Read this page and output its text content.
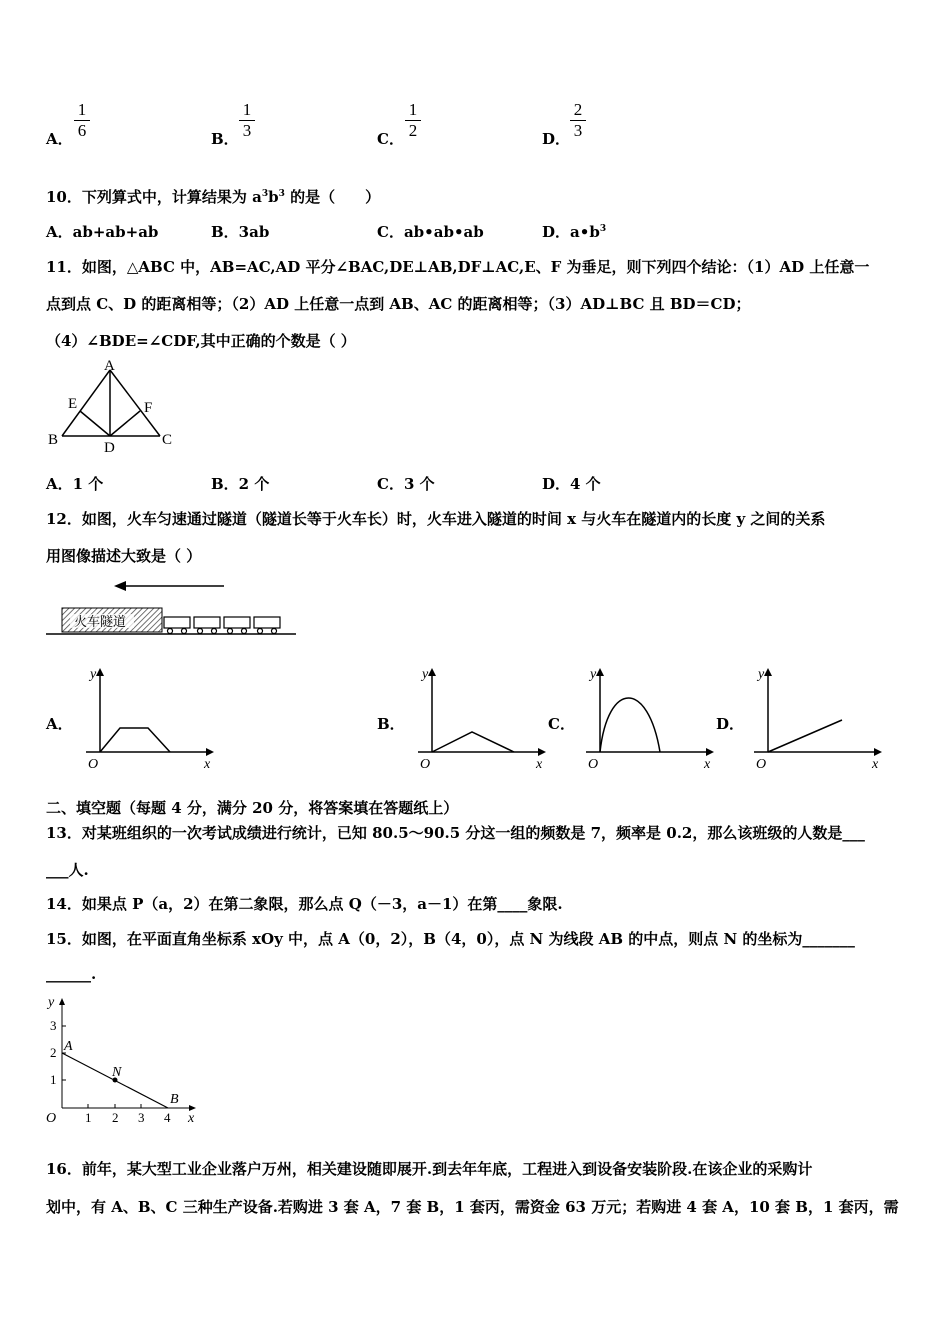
A．
1
6	B．
1
3	C．
1
2	D．
2
3
10．下列算式中，计算结果为 $a^3b^3$ 的是（　　）
A．ab+ab+ab	B．3ab	C．ab•ab•ab	D．$a•b^3$
11．如图，△ABC 中，AB=AC,AD 平分∠BAC,DE⊥AB,DF⊥AC,E、F 为垂足，则下列四个结论：（1）AD 上任意一
点到点 C、D 的距离相等；（2）AD 上任意一点到 AB、AC 的距离相等；（3）AD⊥BC 且 BD＝CD；
（4）∠BDE=∠CDF,其中正确的个数是（ ）
A
B	C
D
E	F
A．1 个	B．2 个	C．3 个	D．4 个
12．如图，火车匀速通过隧道（隧道长等于火车长）时，火车进入隧道的时间 x 与火车在隧道内的长度 y 之间的关系
用图像描述大致是（ ）
火车隧道
A．
y
O	x
B．
y
O	x
C．
y
O	x
D．
y
O	x
二、填空题（每题 4 分，满分 20 分，将答案填在答题纸上）
13．对某班组织的一次考试成绩进行统计，已知 80.5～90.5 分这一组的频数是 7，频率是 0.2，那么该班级的人数是___
___人.
14．如果点 P（a，2）在第二象限，那么点 Q（－3，a－1）在第____象限.
15．如图，在平面直角坐标系 xOy 中，点 A（0，2），B（4，0），点 N 为线段 AB 的中点，则点 N 的坐标为_______
______.
y
1
2
3
A
N
B
O 1 2 3 4 x
16．前年，某大型工业企业落户万州，相关建设随即展开.到去年年底，工程进入到设备安装阶段.在该企业的采购计
划中，有 A、B、C 三种生产设备.若购进 3 套 A，7 套 B，1 套丙，需资金 63 万元；若购进 4 套 A，10 套 B，1 套丙，需
